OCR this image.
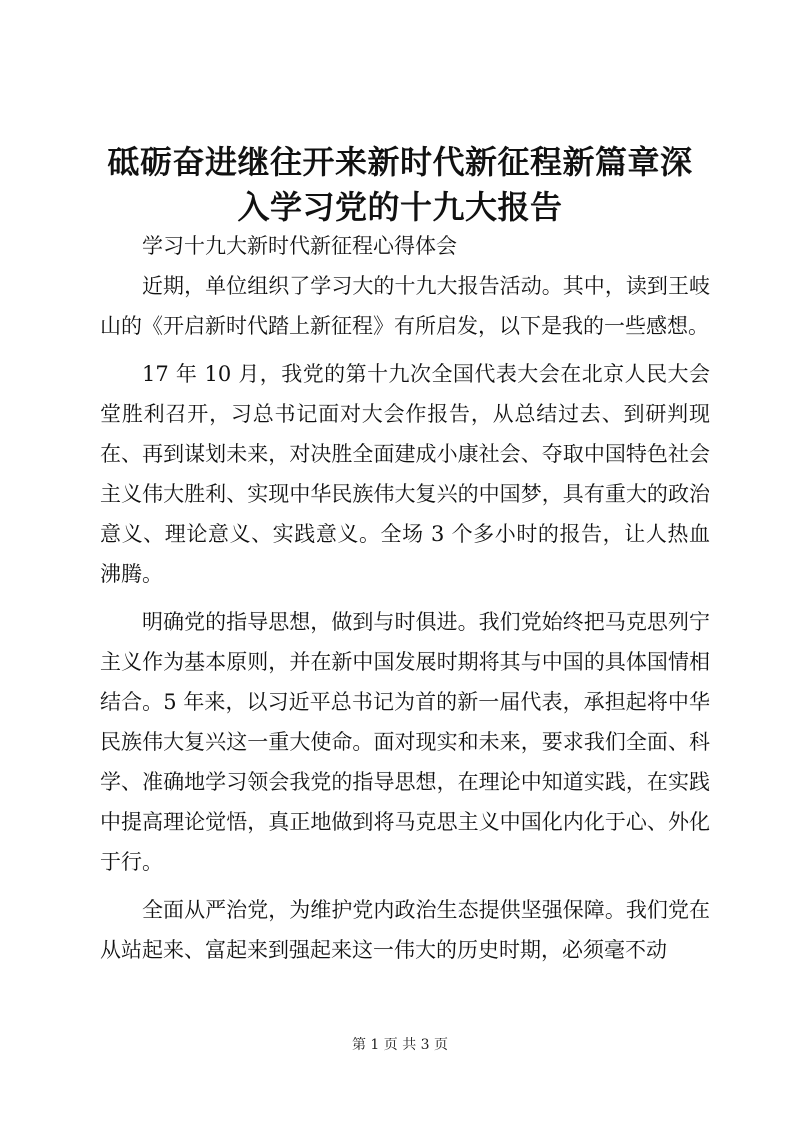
砥砺奋进继往开来新时代新征程新篇章深入学习党的十九大报告

学习十九大新时代新征程心得体会

近期，单位组织了学习大的十九大报告活动。其中，读到王岐山的《开启新时代踏上新征程》有所启发，以下是我的一些感想。

17 年 10 月，我党的第十九次全国代表大会在北京人民大会堂胜利召开，习总书记面对大会作报告，从总结过去、到研判现在、再到谋划未来，对决胜全面建成小康社会、夺取中国特色社会主义伟大胜利、实现中华民族伟大复兴的中国梦，具有重大的政治意义、理论意义、实践意义。全场 3 个多小时的报告，让人热血沸腾。

明确党的指导思想，做到与时俱进。我们党始终把马克思列宁主义作为基本原则，并在新中国发展时期将其与中国的具体国情相结合。5 年来，以习近平总书记为首的新一届代表，承担起将中华民族伟大复兴这一重大使命。面对现实和未来，要求我们全面、科学、准确地学习领会我党的指导思想，在理论中知道实践，在实践中提高理论觉悟，真正地做到将马克思主义中国化内化于心、外化于行。

全面从严治党，为维护党内政治生态提供坚强保障。我们党在从站起来、富起来到强起来这一伟大的历史时期，必须毫不动

第 1 页 共 3 页
